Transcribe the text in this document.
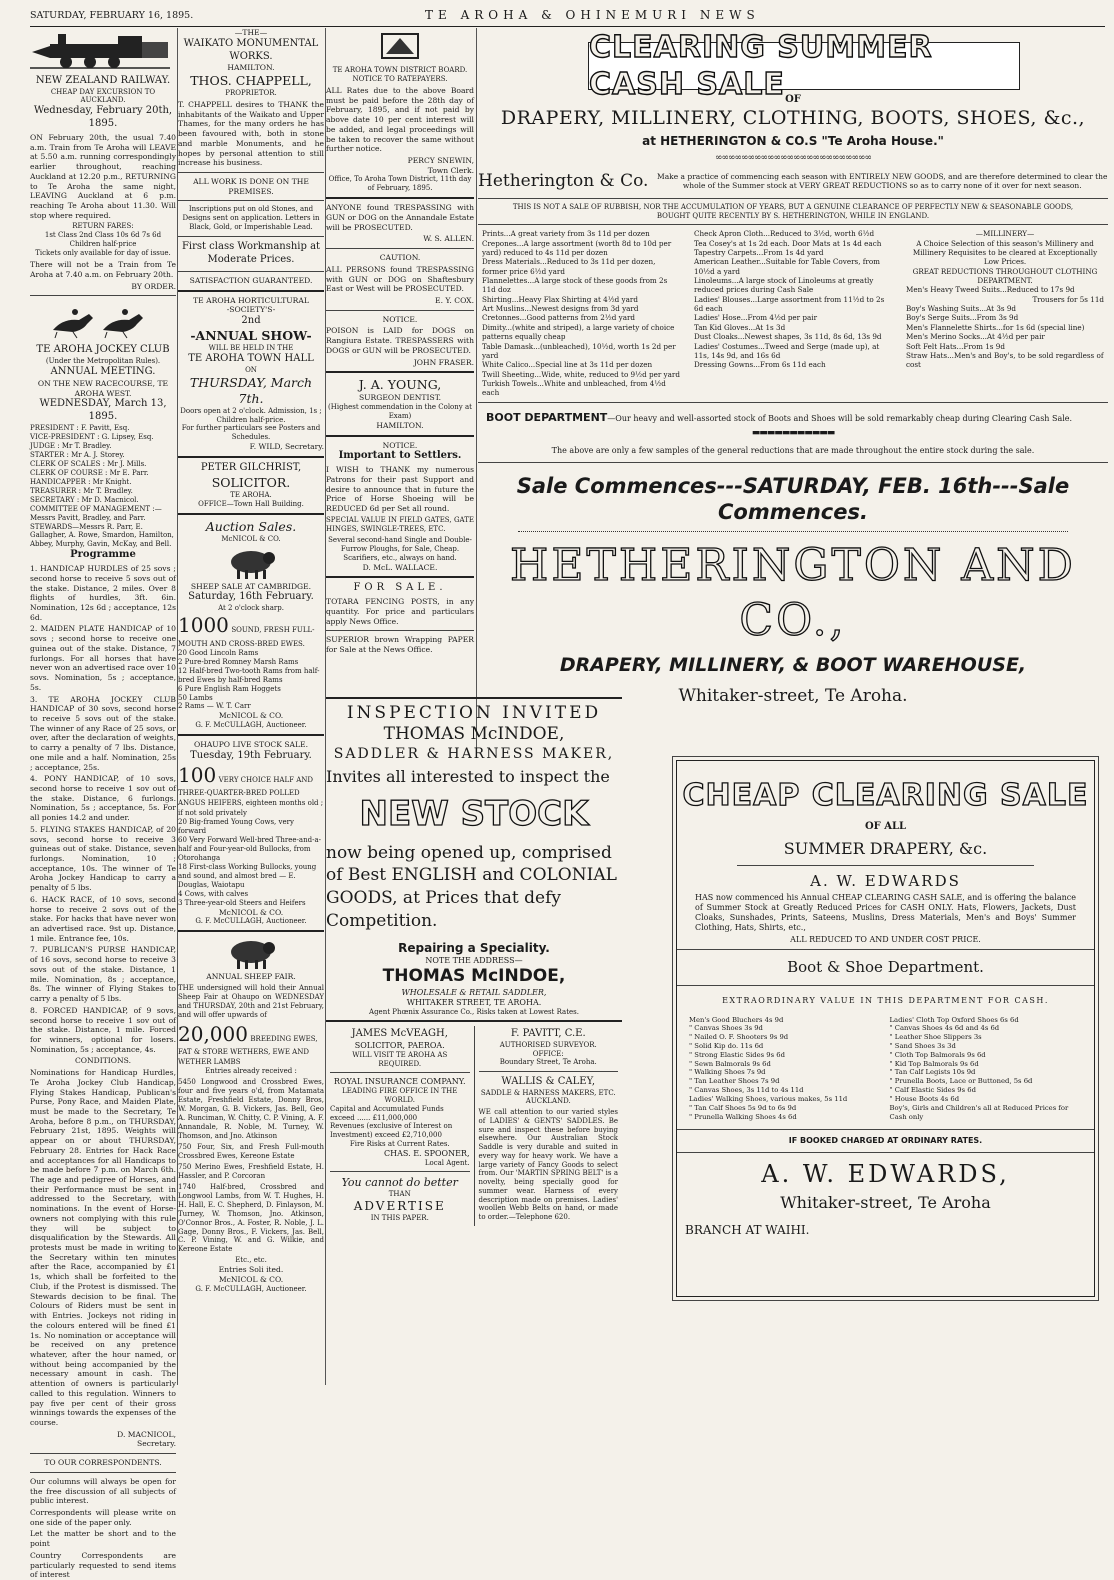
SATURDAY, FEBRUARY 16, 1895.	TE AROHA & OHINEMURI NEWS
NEW ZEALAND RAILWAY.
CHEAP DAY EXCURSION TO AUCKLAND.
Wednesday, February 20th, 1895.
ON February 20th, the usual 7.40 a.m. Train from Te Aroha will LEAVE at 5.50 a.m. running correspondingly earlier throughout, reaching Auckland at 12.20 p.m., RETURNING to Te Aroha the same night, LEAVING Auckland at 6 p.m. reaching Te Aroha about 11.30. Will stop where required.
RETURN FARES:
1st Class 2nd Class 10s 6d 7s 6d Children half-price
Tickets only available for day of issue.
There will not be a Train from Te Aroha at 7.40 a.m. on February 20th.
BY ORDER.
TE AROHA JOCKEY CLUB
(Under the Metropolitan Rules).
ANNUAL MEETING.
ON THE NEW RACECOURSE, TE AROHA WEST.
WEDNESDAY, March 13, 1895.
PRESIDENT : F. Pavitt, Esq.
VICE-PRESIDENT : G. Lipsey, Esq.
JUDGE : Mr T. Bradley.
STARTER : Mr A. J. Storey.
CLERK OF SCALES : Mr J. Mills.
CLERK OF COURSE : Mr E. Parr.
HANDICAPPER : Mr Knight.
TREASURER : Mr T. Bradley.
SECRETARY : Mr D. Macnicol.
COMMITTEE OF MANAGEMENT :—Messrs Pavitt, Bradley, and Parr.
STEWARDS—Messrs R. Parr, E. Gallagher, A. Rowe, Smardon, Hamilton, Abbey, Murphy, Gavin, McKay, and Bell.
Programme
1. HANDICAP HURDLES of 25 sovs ; second horse to receive 5 sovs out of the stake. Distance, 2 miles. Over 8 flights of hurdles, 3ft. 6in. Nomination, 12s 6d ; acceptance, 12s 6d.
2. MAIDEN PLATE HANDICAP of 10 sovs ; second horse to receive one guinea out of the stake. Distance, 7 furlongs. For all horses that have never won an advertised race over 10 sovs. Nomination, 5s ; acceptance, 5s.
3. TE AROHA JOCKEY CLUB HANDICAP of 30 sovs, second horse to receive 5 sovs out of the stake. The winner of any Race of 25 sovs, or over, after the declaration of weights, to carry a penalty of 7 lbs. Distance, one mile and a half. Nomination, 25s ; acceptance, 25s.
4. PONY HANDICAP, of 10 sovs, second horse to receive 1 sov out of the stake. Distance, 6 furlongs. Nomination, 5s ; acceptance, 5s. For all ponies 14.2 and under.
5. FLYING STAKES HANDICAP, of 20 sovs, second horse to receive 3 guineas out of stake. Distance, seven furlongs. Nomination, 10 ; acceptance, 10s. The winner of Te Aroha Jockey Handicap to carry a penalty of 5 lbs.
6. HACK RACE, of 10 sovs, second horse to receive 2 sovs out of the stake. For hacks that have never won an advertised race. 9st up. Distance, 1 mile. Entrance fee, 10s.
7. PUBLICAN'S PURSE HANDICAP, of 16 sovs, second horse to receive 3 sovs out of the stake. Distance, 1 mile. Nomination, 8s ; acceptance, 8s. The winner of Flying Stakes to carry a penalty of 5 lbs.
8. FORCED HANDICAP, of 9 sovs, second horse to receive 1 sov out of the stake. Distance, 1 mile. Forced for winners, optional for losers. Nomination, 5s ; acceptance, 4s.
CONDITIONS.
Nominations for Handicap Hurdles, Te Aroha Jockey Club Handicap, Flying Stakes Handicap, Publican's Purse, Pony Race, and Maiden Plate, must be made to the Secretary, Te Aroha, before 8 p.m., on THURSDAY, February 21st, 1895. Weights will appear on or about THURSDAY, February 28. Entries for Hack Race and acceptances for all Handicaps to be made before 7 p.m. on March 6th. The age and pedigree of Horses, and their Performance must be sent in addressed to the Secretary, with nominations. In the event of Horse-owners not complying with this rule they will be subject to disqualification by the Stewards. All protests must be made in writing to the Secretary within ten minutes after the Race, accompanied by £1 1s, which shall be forfeited to the Club, if the Protest is dismissed. The Stewards decision to be final. The Colours of Riders must be sent in with Entries. Jockeys not riding in the colours entered will be fined £1 1s. No nomination or acceptance will be received on any pretence whatever, after the hour named, or without being accompanied by the necessary amount in cash. The attention of owners is particularly called to this regulation. Winners to pay five per cent of their gross winnings towards the expenses of the course.
D. MACNICOL,
Secretary.
TO OUR CORRESPONDENTS.
Our columns will always be open for the free discussion of all subjects of public interest.
Correspondents will please write on one side of the paper only.
Let the matter be short and to the point
Country Correspondents are particularly requested to send items of interest
—THE—
WAIKATO MONUMENTAL WORKS.
HAMILTON.
THOS. CHAPPELL,
PROPRIETOR.
T. CHAPPELL desires to THANK the inhabitants of the Waikato and Upper Thames, for the many orders he has been favoured with, both in stone and marble Monuments, and he hopes by personal attention to still increase his business.
ALL WORK IS DONE ON THE PREMISES.
Inscriptions put on old Stones, and Designs sent on application. Letters in Black, Gold, or Imperishable Lead.
First class Workmanship at Moderate Prices.
SATISFACTION GUARANTEED.
TE AROHA HORTICULTURAL
-SOCIETY'S-
2nd
-ANNUAL SHOW-
WILL BE HELD IN THE
TE AROHA TOWN HALL
ON
THURSDAY, March 7th.
Doors open at 2 o'clock. Admission, 1s ; Children half-price.
For further particulars see Posters and Schedules.
F. WILD, Secretary.
PETER GILCHRIST,
SOLICITOR.
TE AROHA.
OFFICE—Town Hall Building.
Auction Sales.
McNICOL & CO.
SHEEP SALE AT CAMBRIDGE.
Saturday, 16th February.
At 2 o'clock sharp.
1000 SOUND, FRESH FULL-MOUTH AND CROSS-BRED EWES.
20 Good Lincoln Rams
2 Pure-bred Romney Marsh Rams
12 Half-bred Two-tooth Rams from half-bred Ewes by half-bred Rams
6 Pure English Ram Hoggets
50 Lambs
2 Rams — W. T. Carr
McNICOL & CO.
G. F. McCULLAGH, Auctioneer.
OHAUPO LIVE STOCK SALE.
Tuesday, 19th February.
100 VERY CHOICE HALF AND THREE-QUARTER-BRED POLLED ANGUS HEIFERS, eighteen months old ; if not sold privately
20 Big-framed Young Cows, very forward
60 Very Forward Well-bred Three-and-a-half and Four-year-old Bullocks, from Otorohanga
18 First-class Working Bullocks, young and sound, and almost bred — E. Douglas, Waiotapu
4 Cows, with calves
3 Three-year-old Steers and Heifers
McNICOL & CO.
G. F. McCULLAGH, Auctioneer.
ANNUAL SHEEP FAIR.
THE undersigned will hold their Annual Sheep Fair at Ohaupo on WEDNESDAY and THURSDAY, 20th and 21st February, and will offer upwards of
20,000 BREEDING EWES, FAT & STORE WETHERS, EWE AND WETHER LAMBS
Entries already received :
5450 Longwood and Crossbred Ewes, four and five years o'd, from Matamata Estate, Freshfield Estate, Donny Bros, W. Morgan, G. B. Vickers, Jas. Bell, Geo A. Runciman, W. Chitty, C. P. Vining, A. F. Annandale, R. Noble, M. Turney, W. Thomson, and Jno. Atkinson
750 Four, Six, and Fresh Full-mouth Crossbred Ewes, Kereone Estate
750 Merino Ewes, Freshfield Estate, H. Hassler, and P. Corcoran
1740 Half-bred, Crossbred and Longwool Lambs, from W. T. Hughes, H. H. Hall, E. C. Shepherd, D. Finlayson, M. Turney, W. Thomson, Jno. Atkinson, O'Connor Bros., A. Foster, R. Noble, J. L. Gage, Donny Bros., F. Vickers, Jas. Bell, C. P. Vining, W. and G. Wilkie, and Kereone Estate
Etc., etc.
Entries Soli ited.
McNICOL & CO.
G. F. McCULLAGH, Auctioneer.
TE AROHA TOWN DISTRICT BOARD.
NOTICE TO RATEPAYERS.
ALL Rates due to the above Board must be paid before the 28th day of February, 1895, and if not paid by above date 10 per cent interest will be added, and legal proceedings will be taken to recover the same without further notice.
PERCY SNEWIN,
Town Clerk.
Office, To Aroha Town District, 11th day of February, 1895.
ANYONE found TRESPASSING with GUN or DOG on the Annandale Estate will be PROSECUTED.
W. S. ALLEN.
CAUTION.
ALL PERSONS found TRESPASSING with GUN or DOG on Shaftesbury East or West will be PROSECUTED.
E. Y. COX.
NOTICE.
POISON is LAID for DOGS on Rangiura Estate. TRESPASSERS with DOGS or GUN will be PROSECUTED.
JOHN FRASER.
J. A. YOUNG,
SURGEON DENTIST.
(Highest commendation in the Colony at Exam)
HAMILTON.
NOTICE.
Important to Settlers.
I WISH to THANK my numerous Patrons for their past Support and desire to announce that in future the Price of Horse Shoeing will be REDUCED 6d per Set all round.
SPECIAL VALUE IN FIELD GATES, GATE HINGES, SWINGLE-TREES, ETC.
Several second-hand Single and Double-Furrow Ploughs, for Sale, Cheap.
Scarifiers, etc., always on hand.
D. McL. WALLACE.
FOR SALE.
TOTARA FENCING POSTS, in any quantity. For price and particulars apply News Office.
SUPERIOR brown Wrapping PAPER for Sale at the News Office.
CLEARING SUMMER CASH SALE OF
DRAPERY, MILLINERY, CLOTHING, BOOTS, SHOES, &c.,
at HETHERINGTON & CO.S "Te Aroha House."
∞∞∞∞∞∞∞∞∞∞∞∞∞∞∞∞∞∞∞∞∞∞∞∞
Hetherington & Co. Make a practice of commencing each season with ENTIRELY NEW GOODS, and are therefore determined to clear the whole of the Summer stock at VERY GREAT REDUCTIONS so as to carry none of it over for next season.
THIS IS NOT A SALE OF RUBBISH, NOR THE ACCUMULATION OF YEARS, BUT A GENUINE CLEARANCE OF PERFECTLY NEW & SEASONABLE GOODS, BOUGHT QUITE RECENTLY BY S. HETHERINGTON, WHILE IN ENGLAND.
Prints...A great variety from 3s 11d per dozen
Crepones...A large assortment (worth 8d to 10d per yard) reduced to 4s 11d per dozen
Dress Materials...Reduced to 3s 11d per dozen, former price 6½d yard
Flannelettes...A large stock of these goods from 2s 11d doz
Shirting...Heavy Flax Shirting at 4½d yard
Art Muslins...Newest designs from 3d yard
Cretonnes...Good patterns from 2½d yard
Dimity...(white and striped), a large variety of choice patterns equally cheap
Table Damask...(unbleached), 10½d, worth 1s 2d per yard
White Calico...Special line at 3s 11d per dozen
Twill Sheeting...Wide, white, reduced to 9½d per yard
Turkish Towels...White and unbleached, from 4½d each
Check Apron Cloth...Reduced to 3½d, worth 6½d
Tea Cosey's at 1s 2d each. Door Mats at 1s 4d each
Tapestry Carpets...From 1s 4d yard
American Leather...Suitable for Table Covers, from 10½d a yard
Linoleums...A large stock of Linoleums at greatly reduced prices during Cash Sale
Ladies' Blouses...Large assortment from 11½d to 2s 6d each
Ladies' Hose...From 4½d per pair
Tan Kid Gloves...At 1s 3d
Dust Cloaks...Newest shapes, 3s 11d, 8s 6d, 13s 9d
Ladies' Costumes...Tweed and Serge (made up), at 11s, 14s 9d, and 16s 6d
Dressing Gowns...From 6s 11d each
—MILLINERY—
A Choice Selection of this season's Millinery and Millinery Requisites to be cleared at Exceptionally Low Prices.
GREAT REDUCTIONS THROUGHOUT CLOTHING DEPARTMENT.
Men's Heavy Tweed Suits...Reduced to 17s 9d
Trousers for 5s 11d
Boy's Washing Suits...At 3s 9d
Boy's Serge Suits...From 3s 9d
Men's Flannelette Shirts...for 1s 6d (special line)
Men's Merino Socks...At 4½d per pair
Soft Felt Hats...From 1s 9d
Straw Hats...Men's and Boy's, to be sold regardless of cost
BOOT DEPARTMENT—Our heavy and well-assorted stock of Boots and Shoes will be sold remarkably cheap during Clearing Cash Sale.
▬▬▬▬▬▬▬▬▬▬▬
The above are only a few samples of the general reductions that are made throughout the entire stock during the sale.
Sale Commences---SATURDAY, FEB. 16th---Sale Commences.
HETHERINGTON AND CO.,
DRAPERY, MILLINERY, & BOOT WAREHOUSE,
Whitaker-street, Te Aroha.
INSPECTION INVITED
THOMAS McINDOE,
SADDLER & HARNESS MAKER,
Invites all interested to inspect the
NEW STOCK
now being opened up, comprised of Best ENGLISH and COLONIAL GOODS, at Prices that defy Competition.
Repairing a Speciality.
NOTE THE ADDRESS—
THOMAS McINDOE,
WHOLESALE & RETAIL SADDLER,
WHITAKER STREET, TE AROHA.
Agent Phœnix Assurance Co., Risks taken at Lowest Rates.
JAMES McVEAGH,
SOLICITOR, PAEROA.
WILL VISIT TE AROHA AS REQUIRED.
ROYAL INSURANCE COMPANY.
LEADING FIRE OFFICE IN THE WORLD.
Capital and Accumulated Funds exceed ...... £11,000,000
Revenues (exclusive of Interest on Investment) exceed £2,710,000
Fire Risks at Current Rates.
CHAS. E. SPOONER,
Local Agent.
You cannot do better
THAN
ADVERTISE
IN THIS PAPER.
F. PAVITT, C.E.
AUTHORISED SURVEYOR.
OFFICE:
Boundary Street, Te Aroha.
WALLIS & CALEY,
SADDLE & HARNESS MAKERS, ETC.
AUCKLAND.
WE call attention to our varied styles of LADIES' & GENTS' SADDLES. Be sure and inspect these before buying elsewhere. Our Australian Stock Saddle is very durable and suited in every way for heavy work. We have a large variety of Fancy Goods to select from. Our 'MARTIN SPRING BELT' is a novelty, being specially good for summer wear. Harness of every description made on premises. Ladies' woollen Webb Belts on hand, or made to order.—Telephone 620.
CHEAP CLEARING SALE
OF ALL
SUMMER DRAPERY, &c.
A. W. EDWARDS
HAS now commenced his Annual CHEAP CLEARING CASH SALE, and is offering the balance of Summer Stock at Greatly Reduced Prices for CASH ONLY. Hats, Flowers, Jackets, Dust Cloaks, Sunshades, Prints, Sateens, Muslins, Dress Materials, Men's and Boys' Summer Clothing, Hats, Shirts, etc.,
ALL REDUCED TO AND UNDER COST PRICE.
Boot & Shoe Department.
EXTRAORDINARY VALUE IN THIS DEPARTMENT FOR CASH.
Men's Good Bluchers 4s 9d
" Canvas Shoes 3s 9d
" Nailed O. F. Shooters 9s 9d
" Solid Kip do. 11s 6d
" Strong Elastic Sides 9s 6d
" Sewn Balmorals 9s 6d
" Walking Shoes 7s 9d
" Tan Leather Shoes 7s 9d
" Canvas Shoes, 3s 11d to 4s 11d
Ladies' Walking Shoes, various makes, 5s 11d
" Tan Calf Shoes 5s 9d to 6s 9d
" Prunella Walking Shoes 4s 6d
Ladies' Cloth Top Oxford Shoes 6s 6d
" Canvas Shoes 4s 6d and 4s 6d
" Leather Shoe Slippers 3s
" Sand Shoes 3s 3d
" Cloth Top Balmorals 9s 6d
" Kid Top Balmorals 9s 6d
" Tan Calf Legists 10s 9d
" Prunella Boots, Lace or Buttoned, 5s 6d
" Calf Elastic Sides 9s 6d
" House Boots 4s 6d
Boy's, Girls and Children's all at Reduced Prices for Cash only
IF BOOKED CHARGED AT ORDINARY RATES.
A. W. EDWARDS,
Whitaker-street, Te Aroha
BRANCH AT WAIHI.
